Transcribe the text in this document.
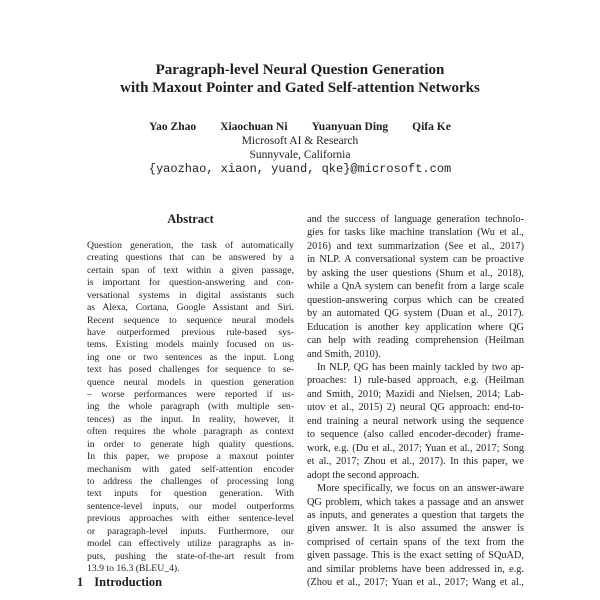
Paragraph-level Neural Question Generation
with Maxout Pointer and Gated Self-attention Networks
Yao Zhao Xiaochuan Ni Yuanyuan Ding Qifa Ke
Microsoft AI & Research
Sunnyvale, California
{yaozhao, xiaon, yuand, qke}@microsoft.com
Abstract
Question generation, the task of automatically
creating questions that can be answered by a
certain span of text within a given passage,
is important for question-answering and con-
versational systems in digital assistants such
as Alexa, Cortana, Google Assistant and Siri.
Recent sequence to sequence neural models
have outperformed previous rule-based sys-
tems. Existing models mainly focused on us-
ing one or two sentences as the input. Long
text has posed challenges for sequence to se-
quence neural models in question generation
– worse performances were reported if us-
ing the whole paragraph (with multiple sen-
tences) as the input. In reality, however, it
often requires the whole paragraph as context
in order to generate high quality questions.
In this paper, we propose a maxout pointer
mechanism with gated self-attention encoder
to address the challenges of processing long
text inputs for question generation. With
sentence-level inputs, our model outperforms
previous approaches with either sentence-level
or paragraph-level inputs. Furthermore, our
model can effectively utilize paragraphs as in-
puts, pushing the state-of-the-art result from
13.9 to 16.3 (BLEU_4).
1 Introduction
and the success of language generation technolo-
gies for tasks like machine translation (Wu et al.,
2016) and text summarization (See et al., 2017)
in NLP. A conversational system can be proactive
by asking the user questions (Shum et al., 2018),
while a QnA system can benefit from a large scale
question-answering corpus which can be created
by an automated QG system (Duan et al., 2017).
Education is another key application where QG
can help with reading comprehension (Heilman
and Smith, 2010).
In NLP, QG has been mainly tackled by two ap-
proaches: 1) rule-based approach, e.g. (Heilman
and Smith, 2010; Mazidi and Nielsen, 2014; Lab-
utov et al., 2015) 2) neural QG approach: end-to-
end training a neural network using the sequence
to sequence (also called encoder-decoder) frame-
work, e.g. (Du et al., 2017; Yuan et al., 2017; Song
et al., 2017; Zhou et al., 2017). In this paper, we
adopt the second approach.
More specifically, we focus on an answer-aware
QG problem, which takes a passage and an answer
as inputs, and generates a question that targets the
given answer. It is also assumed the answer is
comprised of certain spans of the text from the
given passage. This is the exact setting of SQuAD,
and similar problems have been addressed in, e.g.
(Zhou et al., 2017; Yuan et al., 2017; Wang et al.,
